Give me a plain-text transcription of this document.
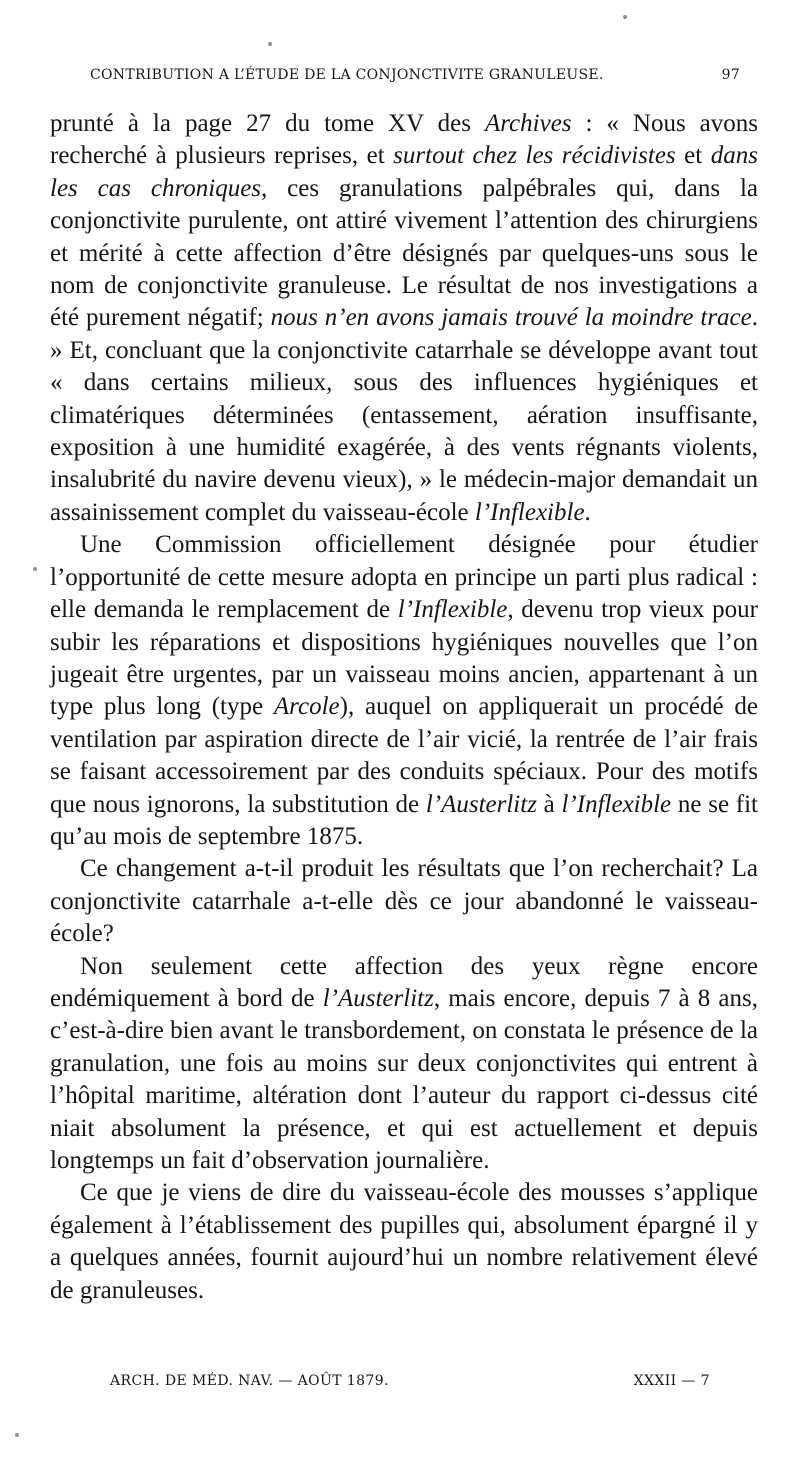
CONTRIBUTION A L’ÉTUDE DE LA CONJONCTIVITE GRANULEUSE.	97

prunté à la page 27 du tome XV des Archives : « Nous avons recherché à plusieurs reprises, et surtout chez les récidivistes et dans les cas chroniques, ces granulations palpébrales qui, dans la conjonctivite purulente, ont attiré vivement l’attention des chirurgiens et mérité à cette affection d’être désignés par quelques-uns sous le nom de conjonctivite granuleuse. Le résultat de nos investigations a été purement négatif; nous n’en avons jamais trouvé la moindre trace. » Et, concluant que la conjonctivite catarrhale se développe avant tout « dans certains milieux, sous des influences hygiéniques et climatériques déterminées (entassement, aération insuffisante, exposition à une humidité exagérée, à des vents régnants violents, insalubrité du navire devenu vieux), » le médecin-major demandait un assainissement complet du vaisseau-école l’Inflexible.

Une Commission officiellement désignée pour étudier l’opportunité de cette mesure adopta en principe un parti plus radical : elle demanda le remplacement de l’Inflexible, devenu trop vieux pour subir les réparations et dispositions hygiéniques nouvelles que l’on jugeait être urgentes, par un vaisseau moins ancien, appartenant à un type plus long (type Arcole), auquel on appliquerait un procédé de ventilation par aspiration directe de l’air vicié, la rentrée de l’air frais se faisant accessoirement par des conduits spéciaux. Pour des motifs que nous ignorons, la substitution de l’Austerlitz à l’Inflexible ne se fit qu’au mois de septembre 1875.

Ce changement a-t-il produit les résultats que l’on recherchait? La conjonctivite catarrhale a-t-elle dès ce jour abandonné le vaisseau-école?

Non seulement cette affection des yeux règne encore endémiquement à bord de l’Austerlitz, mais encore, depuis 7 à 8 ans, c’est-à-dire bien avant le transbordement, on constata le présence de la granulation, une fois au moins sur deux conjonctivites qui entrent à l’hôpital maritime, altération dont l’auteur du rapport ci-dessus cité niait absolument la présence, et qui est actuellement et depuis longtemps un fait d’observation journalière.

Ce que je viens de dire du vaisseau-école des mousses s’applique également à l’établissement des pupilles qui, absolument épargné il y a quelques années, fournit aujourd’hui un nombre relativement élevé de granuleuses.

ARCH. DE MÉD. NAV. — AOÛT 1879.	XXXII — 7
